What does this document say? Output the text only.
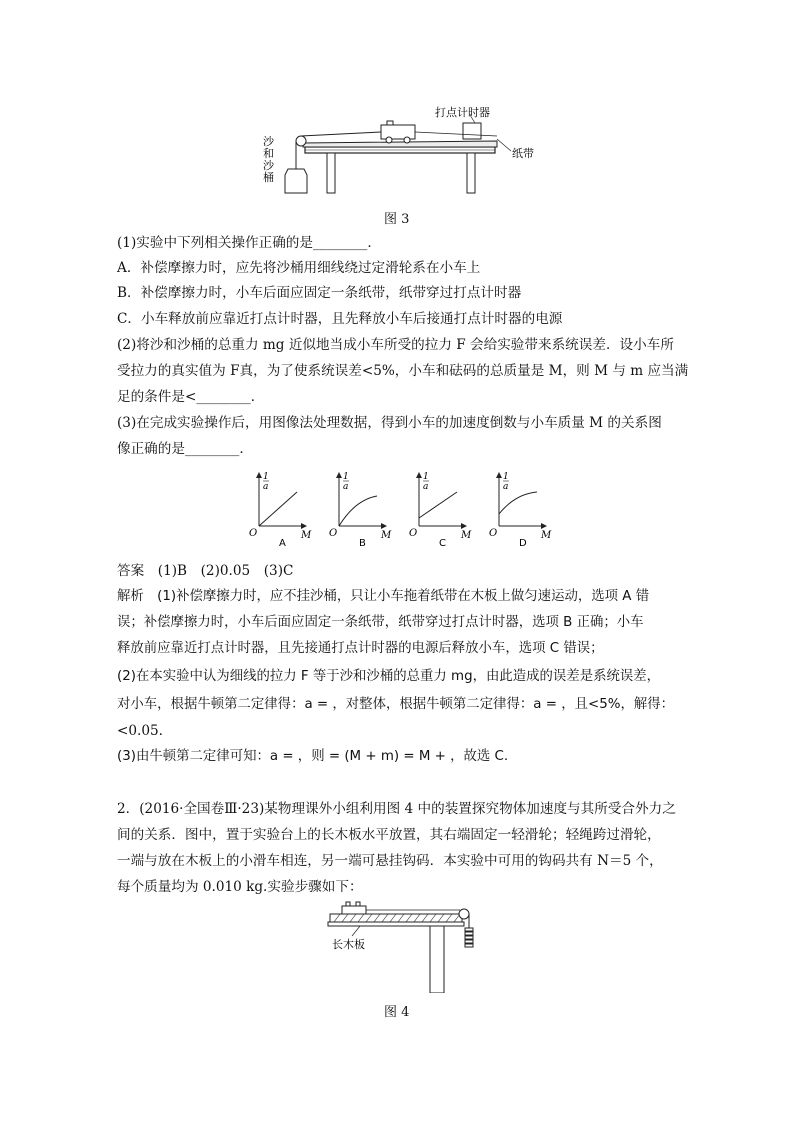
打点计时器
纸带
沙
和
沙
桶
图 3
(1)实验中下列相关操作正确的是________．
A．补偿摩擦力时，应先将沙桶用细线绕过定滑轮系在小车上
B．补偿摩擦力时，小车后面应固定一条纸带，纸带穿过打点计时器
C．小车释放前应靠近打点计时器，且先释放小车后接通打点计时器的电源
(2)将沙和沙桶的总重力 mg 近似地当成小车所受的拉力 F 会给实验带来系统误差．设小车所
受拉力的真实值为 F真，为了使系统误差<5%，小车和砝码的总质量是 M，则 M 与 m 应当满
足的条件是<________．
(3)在完成实验操作后，用图像法处理数据，得到小车的加速度倒数与小车质量 M 的关系图
像正确的是________．
1
a
O	M
A
1
a
O	M
B
1
a
O	M
C
1
a
O	M
D
答案　(1)B　(2)0.05　(3)C
解析　(1)补偿摩擦力时，应不挂沙桶，只让小车拖着纸带在木板上做匀速运动，选项 A 错
误；补偿摩擦力时，小车后面应固定一条纸带，纸带穿过打点计时器，选项 B 正确；小车
释放前应靠近打点计时器，且先接通打点计时器的电源后释放小车，选项 C 错误；
(2)在本实验中认为细线的拉力 F 等于沙和沙桶的总重力 mg，由此造成的误差是系统误差，
对小车，根据牛顿第二定律得：a = ，对整体，根据牛顿第二定律得：a = ，且<5%，解得：
<0.05.
(3)由牛顿第二定律可知：a = ，则 = (M + m) = M + ，故选 C.
2．(2016·全国卷Ⅲ·23)某物理课外小组利用图 4 中的装置探究物体加速度与其所受合外力之
间的关系．图中，置于实验台上的长木板水平放置，其右端固定一轻滑轮；轻绳跨过滑轮，
一端与放在木板上的小滑车相连，另一端可悬挂钩码．本实验中可用的钩码共有 N＝5 个，
每个质量均为 0.010 kg.实验步骤如下：
长木板
图 4
